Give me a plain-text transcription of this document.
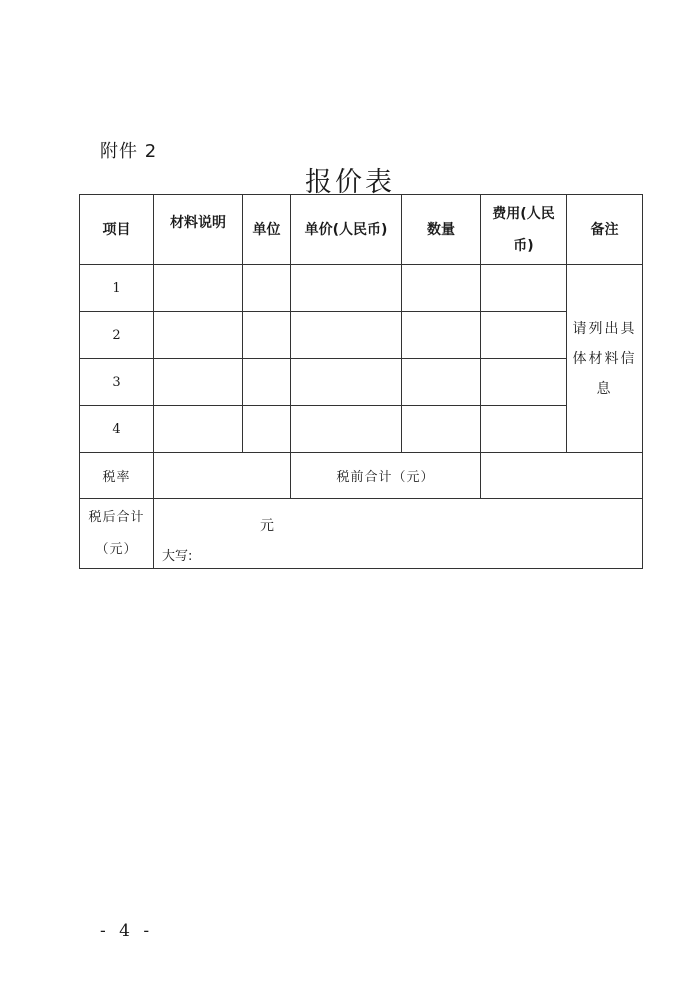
附件 2
报价表
项目	材料说明	单位	单价(人民币)	数量	费用(人民币)	备注
1						请列出具体材料信息
2						
3						
4						
税率			税前合计（元）			
税后合计（元）	元
大写:					
- 4 -
